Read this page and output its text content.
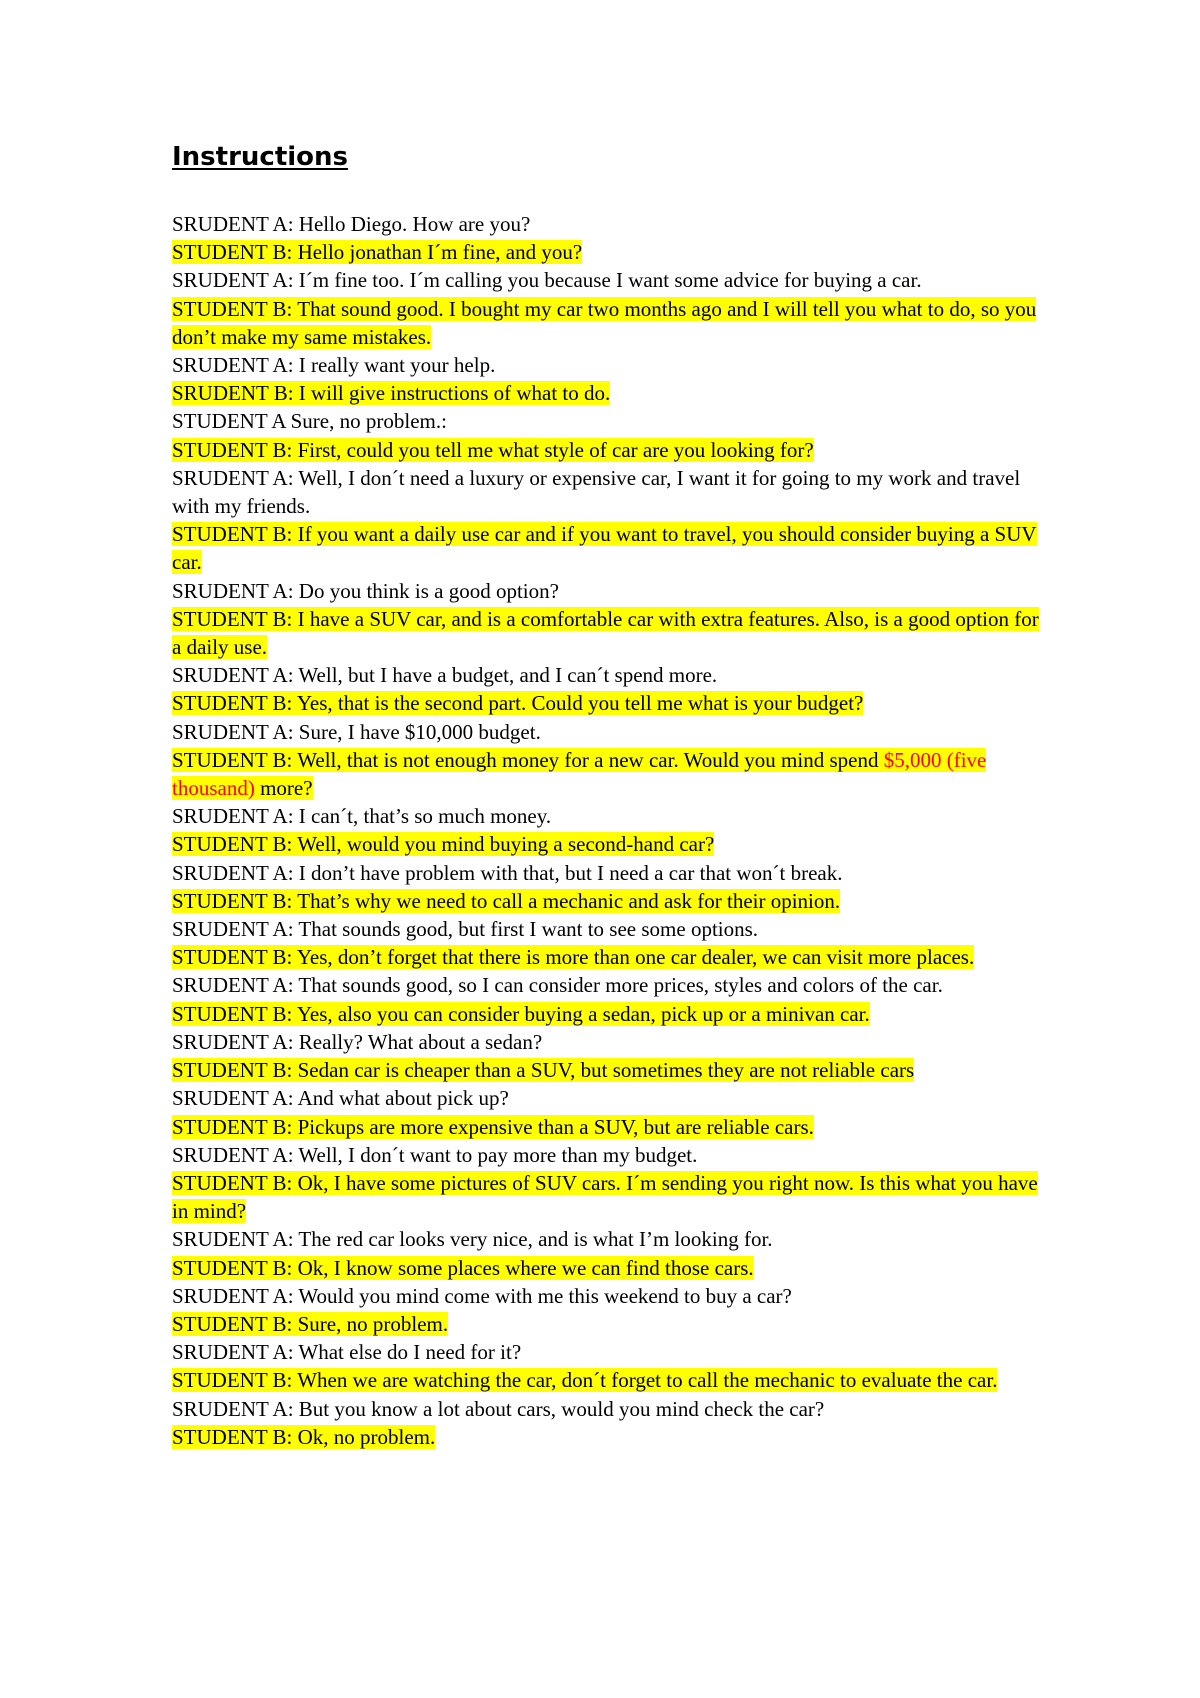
Instructions

SRUDENT A: Hello Diego. How are you?

STUDENT B: Hello jonathan I´m fine, and you?

SRUDENT A: I´m fine too. I´m calling you because I want some advice for buying a car.

STUDENT B: That sound good. I bought my car two months ago and I will tell you what to do, so you don’t make my same mistakes.

SRUDENT A: I really want your help.

SRUDENT B: I will give instructions of what to do.

STUDENT A Sure, no problem.:

STUDENT B: First, could you tell me what style of car are you looking for?

SRUDENT A: Well, I don´t need a luxury or expensive car, I want it for going to my work and travel with my friends.

STUDENT B: If you want a daily use car and if you want to travel, you should consider buying a SUV car.

SRUDENT A: Do you think is a good option?

STUDENT B: I have a SUV car, and is a comfortable car with extra features. Also, is a good option for a daily use.

SRUDENT A: Well, but I have a budget, and I can´t spend more.

STUDENT B: Yes, that is the second part. Could you tell me what is your budget?

SRUDENT A: Sure, I have $10,000 budget.

STUDENT B: Well, that is not enough money for a new car. Would you mind spend $5,000 (five thousand) more?

SRUDENT A: I can´t, that’s so much money.

STUDENT B: Well, would you mind buying a second-hand car?

SRUDENT A: I don’t have problem with that, but I need a car that won´t break.

STUDENT B: That’s why we need to call a mechanic and ask for their opinion.

SRUDENT A: That sounds good, but first I want to see some options.

STUDENT B: Yes, don’t forget that there is more than one car dealer, we can visit more places.

SRUDENT A: That sounds good, so I can consider more prices, styles and colors of the car.

STUDENT B: Yes, also you can consider buying a sedan, pick up or a minivan car.

SRUDENT A: Really? What about a sedan?

STUDENT B: Sedan car is cheaper than a SUV, but sometimes they are not reliable cars

SRUDENT A: And what about pick up?

STUDENT B: Pickups are more expensive than a SUV, but are reliable cars.

SRUDENT A: Well, I don´t want to pay more than my budget.

STUDENT B: Ok, I have some pictures of SUV cars. I´m sending you right now. Is this what you have in mind?

SRUDENT A: The red car looks very nice, and is what I’m looking for.

STUDENT B: Ok, I know some places where we can find those cars.

SRUDENT A: Would you mind come with me this weekend to buy a car?

STUDENT B: Sure, no problem.

SRUDENT A: What else do I need for it?

STUDENT B: When we are watching the car, don´t forget to call the mechanic to evaluate the car.

SRUDENT A: But you know a lot about cars, would you mind check the car?

STUDENT B: Ok, no problem.
